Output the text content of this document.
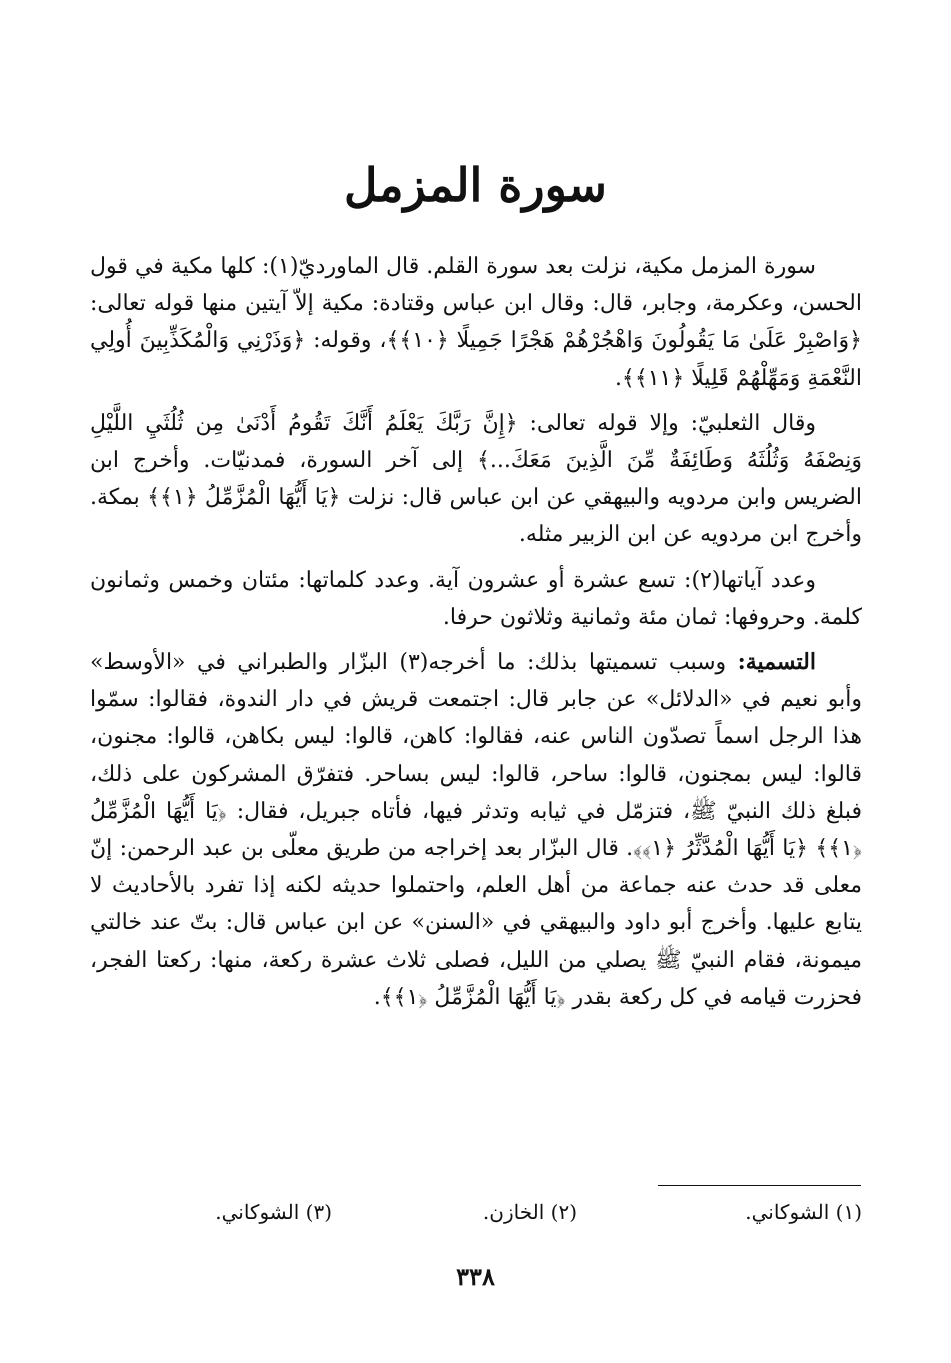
سورة المزمل

سورة المزمل مكية، نزلت بعد سورة القلم. قال الماورديّ(١): كلها مكية في قول الحسن، وعكرمة، وجابر، قال: وقال ابن عباس وقتادة: مكية إلاّ آيتين منها قوله تعالى: ﴿وَاصْبِرْ عَلَىٰ مَا يَقُولُونَ وَاهْجُرْهُمْ هَجْرًا جَمِيلًا ﴿١٠﴾﴾، وقوله: ﴿وَذَرْنِي وَالْمُكَذِّبِينَ أُولِي النَّعْمَةِ وَمَهِّلْهُمْ قَلِيلًا ﴿١١﴾﴾.

وقال الثعلبيّ: وإلا قوله تعالى: ﴿إِنَّ رَبَّكَ يَعْلَمُ أَنَّكَ تَقُومُ أَدْنَىٰ مِن ثُلُثَيِ اللَّيْلِ وَنِصْفَهُ وَثُلُثَهُ وَطَائِفَةٌ مِّنَ الَّذِينَ مَعَكَ...﴾ إلى آخر السورة، فمدنيّات. وأخرج ابن الضريس وابن مردويه والبيهقي عن ابن عباس قال: نزلت ﴿يَا أَيُّهَا الْمُزَّمِّلُ ﴿١﴾﴾ بمكة. وأخرج ابن مردويه عن ابن الزبير مثله.

وعدد آياتها(٢): تسع عشرة أو عشرون آية. وعدد كلماتها: مئتان وخمس وثمانون كلمة. وحروفها: ثمان مئة وثمانية وثلاثون حرفا.

التسمية: وسبب تسميتها بذلك: ما أخرجه(٣) البزّار والطبراني في «الأوسط» وأبو نعيم في «الدلائل» عن جابر قال: اجتمعت قريش في دار الندوة، فقالوا: سمّوا هذا الرجل اسماً تصدّون الناس عنه، فقالوا: كاهن، قالوا: ليس بكاهن، قالوا: مجنون، قالوا: ليس بمجنون، قالوا: ساحر، قالوا: ليس بساحر. فتفرّق المشركون على ذلك، فبلغ ذلك النبيّ ﷺ، فتزمّل في ثيابه وتدثر فيها، فأتاه جبريل، فقال: ﴿يَا أَيُّهَا الْمُزَّمِّلُ ﴿١﴾﴾ ﴿يَا أَيُّهَا الْمُدَّثِّرُ ﴿١﴾﴾. قال البزّار بعد إخراجه من طريق معلّى بن عبد الرحمن: إنّ معلى قد حدث عنه جماعة من أهل العلم، واحتملوا حديثه لكنه إذا تفرد بالأحاديث لا يتابع عليها. وأخرج أبو داود والبيهقي في «السنن» عن ابن عباس قال: بتّ عند خالتي ميمونة، فقام النبيّ ﷺ يصلي من الليل، فصلى ثلاث عشرة ركعة، منها: ركعتا الفجر، فحزرت قيامه في كل ركعة بقدر ﴿يَا أَيُّهَا الْمُزَّمِّلُ ﴿١﴾﴾.

(١) الشوكاني.
(٢) الخازن.
(٣) الشوكاني.
٣٣٨
